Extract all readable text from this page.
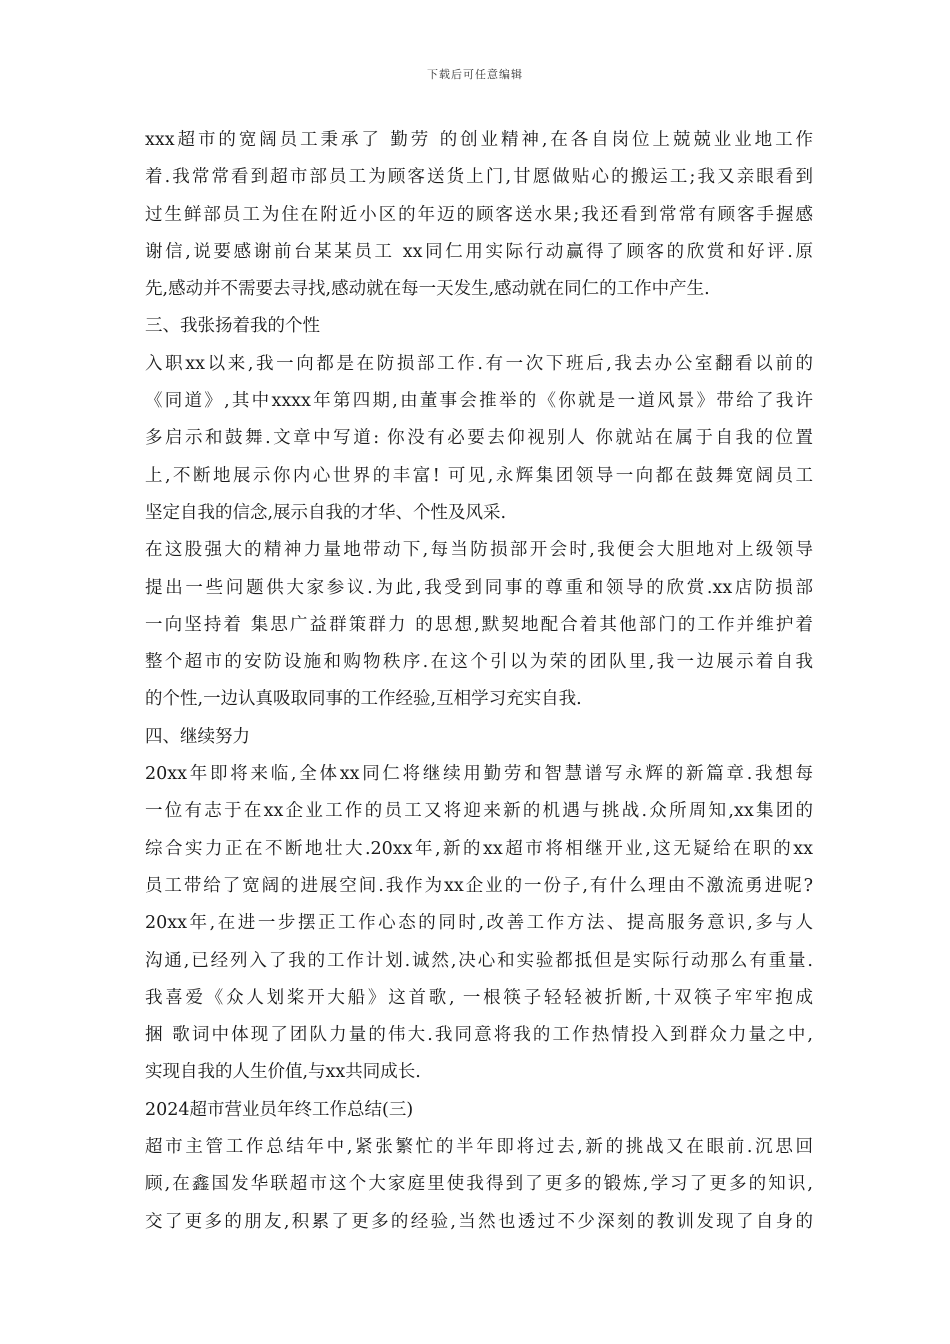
下载后可任意编辑
xxx超市的宽阔员工秉承了 勤劳 的创业精神,在各自岗位上兢兢业业地工作
着.我常常看到超市部员工为顾客送货上门,甘愿做贴心的搬运工;我又亲眼看到
过生鲜部员工为住在附近小区的年迈的顾客送水果;我还看到常常有顾客手握感
谢信,说要感谢前台某某员工 xx同仁用实际行动赢得了顾客的欣赏和好评.原
先,感动并不需要去寻找,感动就在每一天发生,感动就在同仁的工作中产生.
三、我张扬着我的个性
入职xx以来,我一向都是在防损部工作.有一次下班后,我去办公室翻看以前的
《同道》,其中xxxx年第四期,由董事会推举的《你就是一道风景》带给了我许
多启示和鼓舞.文章中写道: 你没有必要去仰视别人 你就站在属于自我的位置
上,不断地展示你内心世界的丰富! 可见,永辉集团领导一向都在鼓舞宽阔员工
坚定自我的信念,展示自我的才华、个性及风采.
在这股强大的精神力量地带动下,每当防损部开会时,我便会大胆地对上级领导
提出一些问题供大家参议.为此,我受到同事的尊重和领导的欣赏.xx店防损部
一向坚持着 集思广益群策群力 的思想,默契地配合着其他部门的工作并维护着
整个超市的安防设施和购物秩序.在这个引以为荣的团队里,我一边展示着自我
的个性,一边认真吸取同事的工作经验,互相学习充实自我.
四、继续努力
20xx年即将来临,全体xx同仁将继续用勤劳和智慧谱写永辉的新篇章.我想每
一位有志于在xx企业工作的员工又将迎来新的机遇与挑战.众所周知,xx集团的
综合实力正在不断地壮大.20xx年,新的xx超市将相继开业,这无疑给在职的xx
员工带给了宽阔的进展空间.我作为xx企业的一份子,有什么理由不激流勇进呢?
20xx年,在进一步摆正工作心态的同时,改善工作方法、提高服务意识,多与人
沟通,已经列入了我的工作计划.诚然,决心和实验都抵但是实际行动那么有重量.
我喜爱《众人划桨开大船》这首歌, 一根筷子轻轻被折断,十双筷子牢牢抱成
捆 歌词中体现了团队力量的伟大.我同意将我的工作热情投入到群众力量之中,
实现自我的人生价值,与xx共同成长.
2024超市营业员年终工作总结(三)
超市主管工作总结年中,紧张繁忙的半年即将过去,新的挑战又在眼前.沉思回
顾,在鑫国发华联超市这个大家庭里使我得到了更多的锻炼,学习了更多的知识,
交了更多的朋友,积累了更多的经验,当然也透过不少深刻的教训发现了自身的
